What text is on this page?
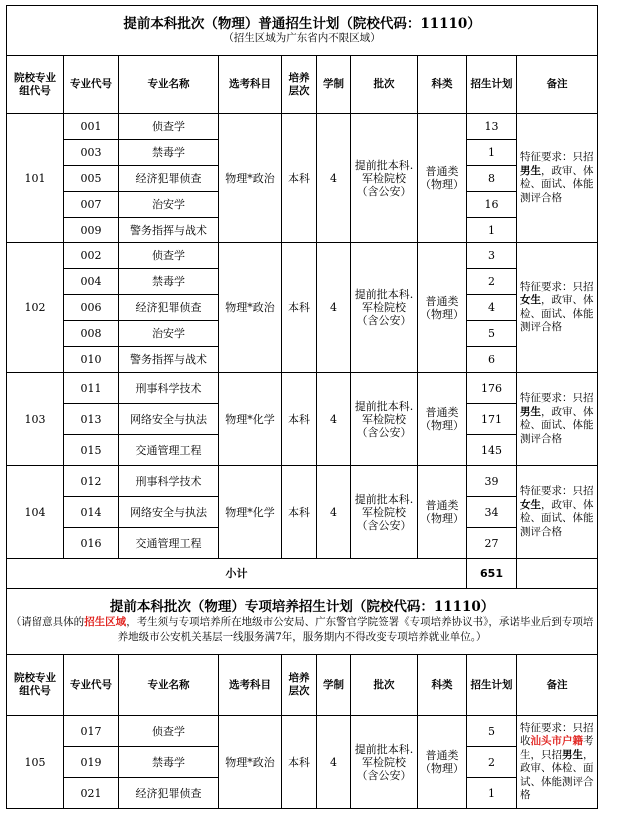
提前本科批次（物理）普通招生计划（院校代码：11110）
（招生区域为广东省内不限区域）									

院校专业组代号	专业代号	专业名称	选考科目	培养层次	学制	批次	科类	招生计划	备注
101	001	侦查学	物理*政治	本科	4	提前批本科.军检院校（含公安）	普通类（物理）	13	特征要求：只招男生，政审、体检、面试、体能测评合格
	003	禁毒学						1	
	005	经济犯罪侦查						8	
	007	治安学						16	
	009	警务指挥与战术						1	
102	002	侦查学	物理*政治	本科	4	提前批本科.军检院校（含公安）	普通类（物理）	3	特征要求：只招女生，政审、体检、面试、体能测评合格
	004	禁毒学						2	
	006	经济犯罪侦查						4	
	008	治安学						5	
	010	警务指挥与战术						6	
103	011	刑事科学技术	物理*化学	本科	4	提前批本科.军检院校（含公安）	普通类（物理）	176	特征要求：只招男生，政审、体检、面试、体能测评合格
	013	网络安全与执法						171	
	015	交通管理工程						145	
104	012	刑事科学技术	物理*化学	本科	4	提前批本科.军检院校（含公安）	普通类（物理）	39	特征要求：只招女生，政审、体检、面试、体能测评合格
	014	网络安全与执法						34	
	016	交通管理工程						27	
小计								651	

提前本科批次（物理）专项培养招生计划（院校代码：11110）
（请留意具体的招生区域，考生须与专项培养所在地级市公安局、广东警官学院签署《专项培养协议书》，承诺毕业后到专项培养地级市公安机关基层一线服务满7年，服务期内不得改变专项培养就业单位。）									

院校专业组代号	专业代号	专业名称	选考科目	培养层次	学制	批次	科类	招生计划	备注
105	017	侦查学	物理*政治	本科	4	提前批本科.军检院校（含公安）	普通类（物理）	5	特征要求：只招收汕头市户籍考生，只招男生，政审、体检、面试、体能测评合格
	019	禁毒学						2	
	021	经济犯罪侦查						1	
